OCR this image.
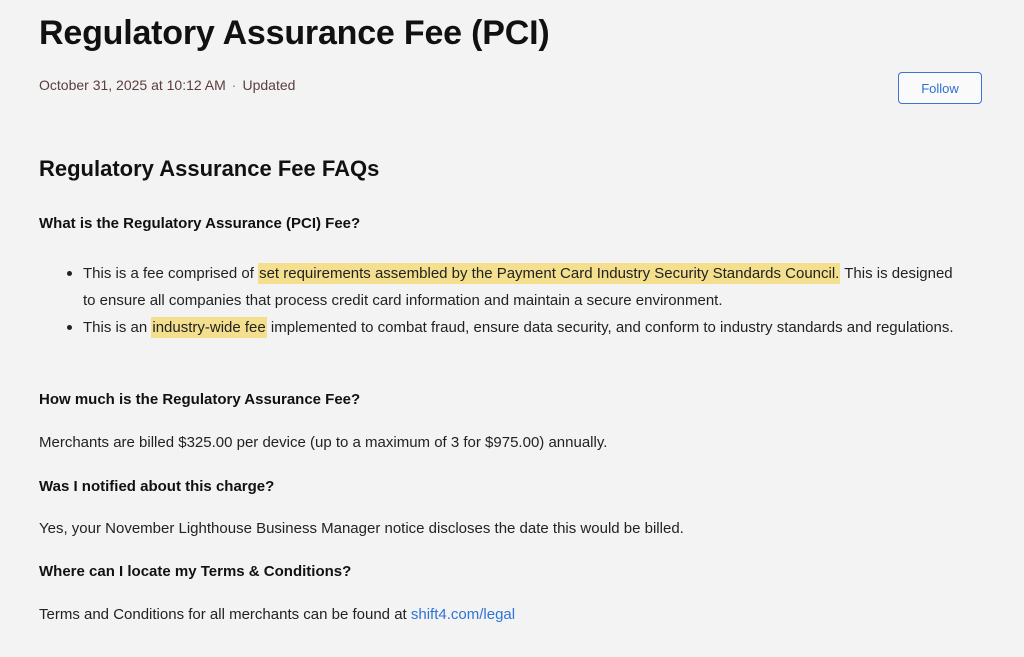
Regulatory Assurance Fee (PCI)
October 31, 2025 at 10:12 AM · Updated	Follow
Regulatory Assurance Fee FAQs

What is the Regulatory Assurance (PCI) Fee?

This is a fee comprised of set requirements assembled by the Payment Card Industry Security Standards Council. This is designed to ensure all companies that process credit card information and maintain a secure environment.
This is an industry-wide fee implemented to combat fraud, ensure data security, and conform to industry standards and regulations.

How much is the Regulatory Assurance Fee?

Merchants are billed $325.00 per device (up to a maximum of 3 for $975.00) annually.

Was I notified about this charge?

Yes, your November Lighthouse Business Manager notice discloses the date this would be billed.

Where can I locate my Terms & Conditions?

Terms and Conditions for all merchants can be found at shift4.com/legal
